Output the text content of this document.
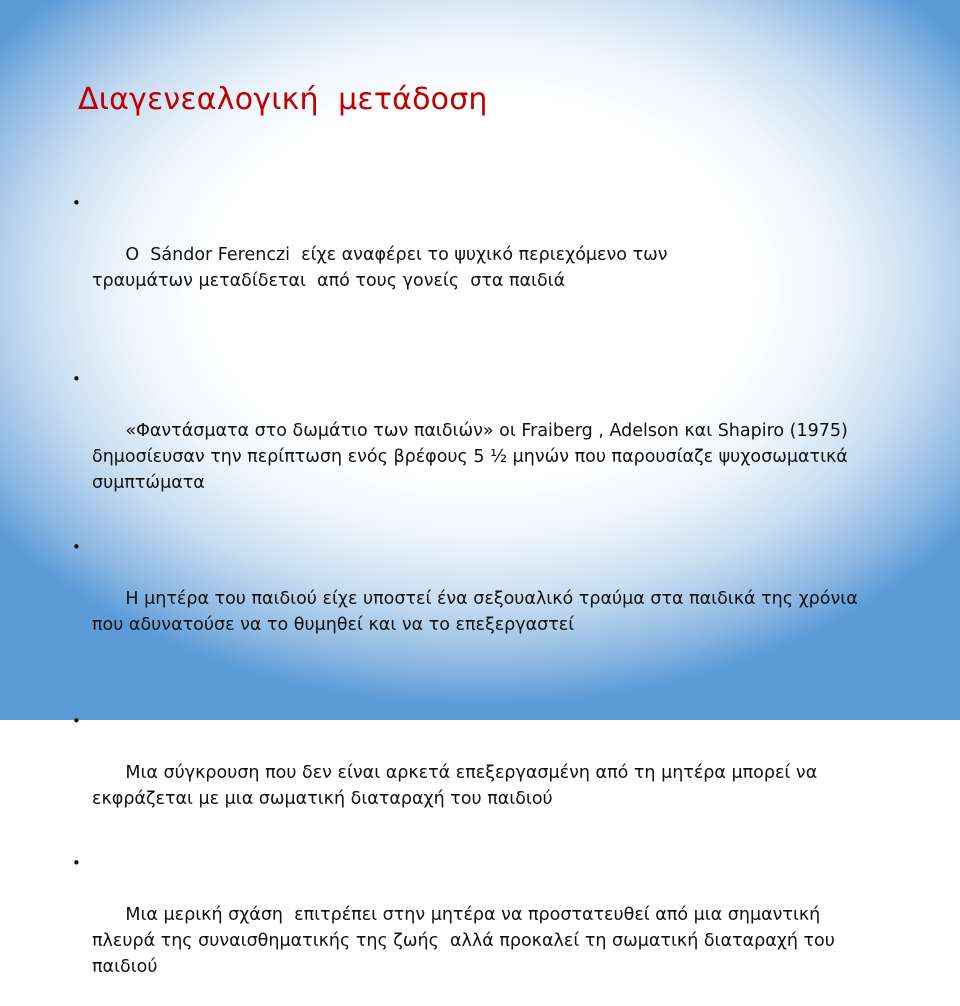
Διαγενεαλογική  μετάδοση

•

Ο  Sándor Ferenczi  είχε αναφέρει το ψυχικό περιεχόμενο των τραυμάτων μεταδίδεται  από τους γονείς  στα παιδιά

•

«Φαντάσματα στο δωμάτιο των παιδιών» οι Fraiberg , Adelson και Shapiro (1975) δημοσίευσαν την περίπτωση ενός βρέφους 5 ½ μηνών που παρουσίαζε ψυχοσωματικά συμπτώματα

•

Η μητέρα του παιδιού είχε υποστεί ένα σεξουαλικό τραύμα στα παιδικά της χρόνια που αδυνατούσε να το θυμηθεί και να το επεξεργαστεί

•

Μια σύγκρουση που δεν είναι αρκετά επεξεργασμένη από τη μητέρα μπορεί να εκφράζεται με μια σωματική διαταραχή του παιδιού

•

Μια μερική σχάση  επιτρέπει στην μητέρα να προστατευθεί από μια σημαντική πλευρά της συναισθηματικής της ζωής  αλλά προκαλεί τη σωματική διαταραχή του παιδιού
